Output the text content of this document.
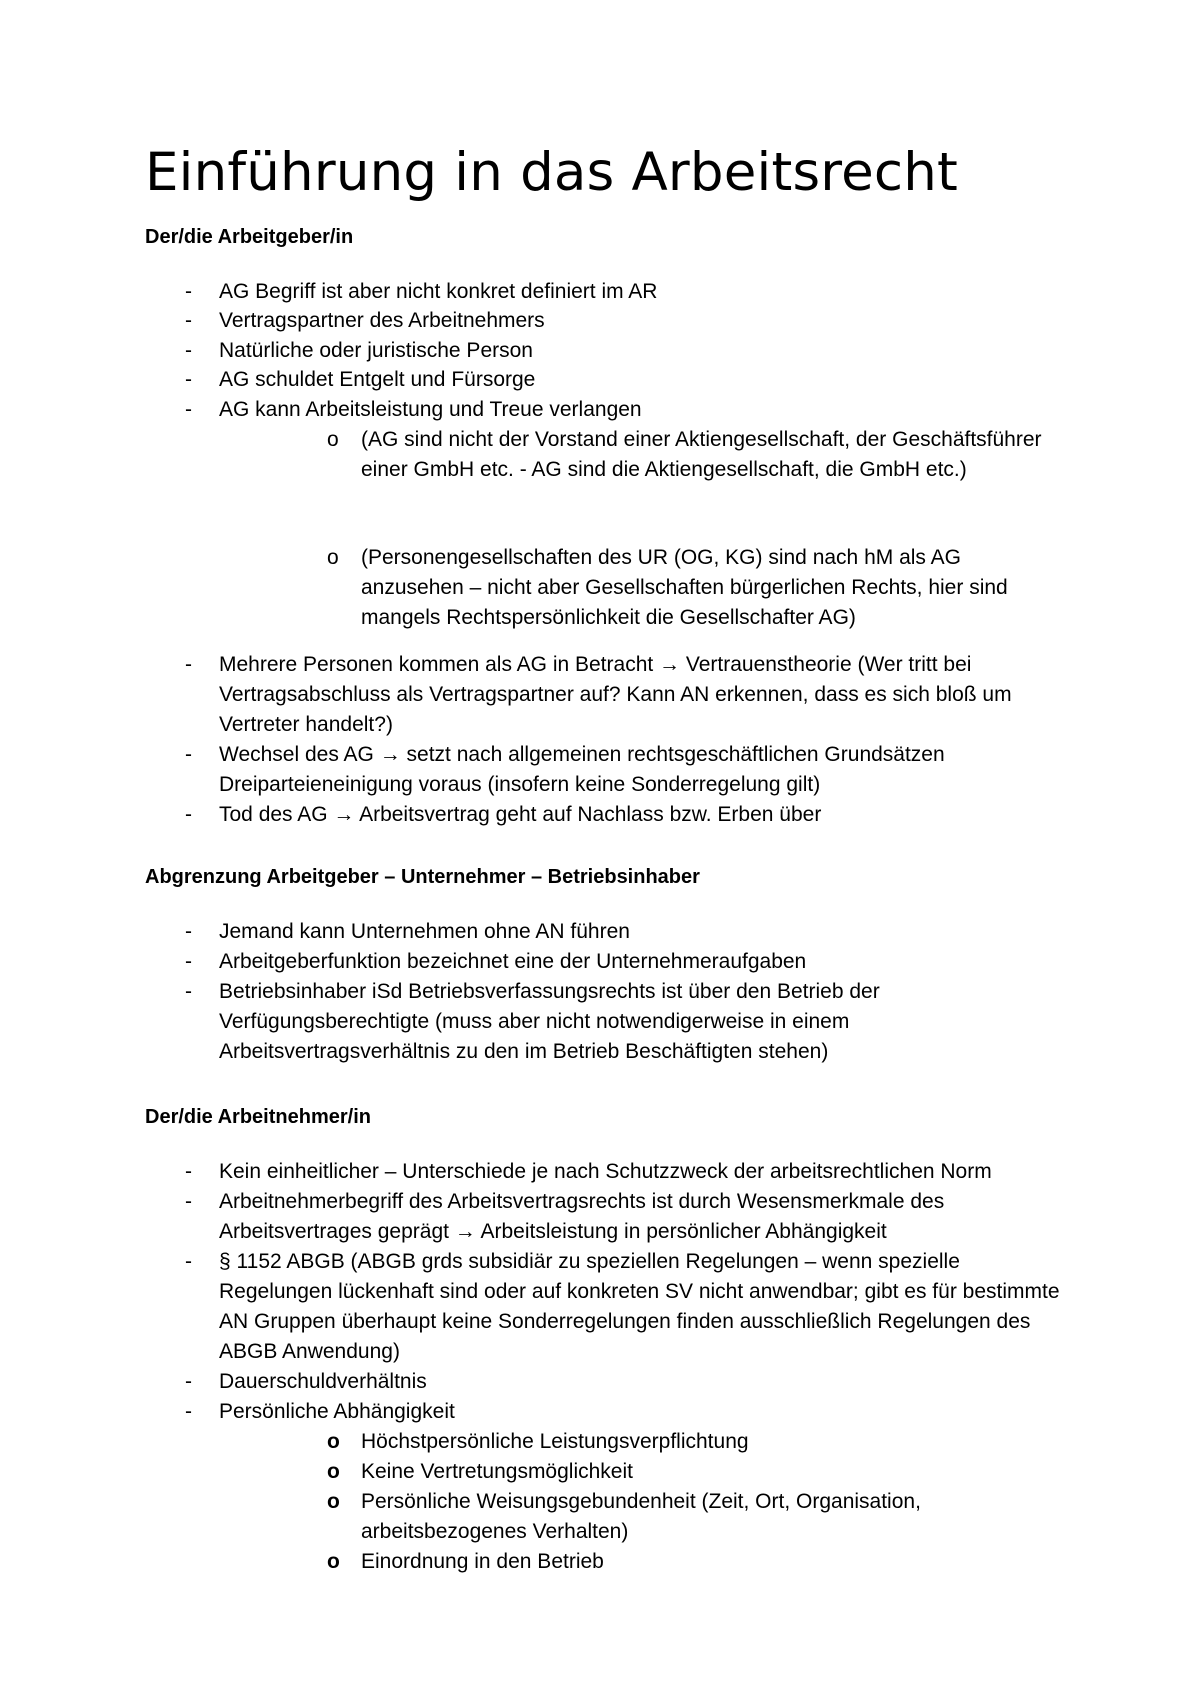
Einführung in das Arbeitsrecht

Der/die Arbeitgeber/in

-	AG Begriff ist aber nicht konkret definiert im AR

-	Vertragspartner des Arbeitnehmers

-	Natürliche oder juristische Person

-	AG schuldet Entgelt und Fürsorge

-	AG kann Arbeitsleistung und Treue verlangen

o	(AG sind nicht der Vorstand einer Aktiengesellschaft, der Geschäftsführer einer GmbH etc. - AG sind die Aktiengesellschaft, die GmbH etc.)

o	(Personengesellschaften des UR (OG, KG) sind nach hM als AG anzusehen – nicht aber Gesellschaften bürgerlichen Rechts, hier sind mangels Rechtspersönlichkeit die Gesellschafter AG)

-	Mehrere Personen kommen als AG in Betracht → Vertrauenstheorie (Wer tritt bei Vertragsabschluss als Vertragspartner auf? Kann AN erkennen, dass es sich bloß um Vertreter handelt?)

-	Wechsel des AG → setzt nach allgemeinen rechtsgeschäftlichen Grundsätzen Dreiparteieneinigung voraus (insofern keine Sonderregelung gilt)

-	Tod des AG → Arbeitsvertrag geht auf Nachlass bzw. Erben über

Abgrenzung Arbeitgeber – Unternehmer – Betriebsinhaber

-	Jemand kann Unternehmen ohne AN führen

-	Arbeitgeberfunktion bezeichnet eine der Unternehmeraufgaben

-	Betriebsinhaber iSd Betriebsverfassungsrechts ist über den Betrieb der Verfügungsberechtigte (muss aber nicht notwendigerweise in einem Arbeitsvertragsverhältnis zu den im Betrieb Beschäftigten stehen)

Der/die Arbeitnehmer/in

-	Kein einheitlicher – Unterschiede je nach Schutzzweck der arbeitsrechtlichen Norm

-	Arbeitnehmerbegriff des Arbeitsvertragsrechts ist durch Wesensmerkmale des Arbeitsvertrages geprägt → Arbeitsleistung in persönlicher Abhängigkeit

-	§ 1152 ABGB (ABGB grds subsidiär zu speziellen Regelungen – wenn spezielle Regelungen lückenhaft sind oder auf konkreten SV nicht anwendbar; gibt es für bestimmte AN Gruppen überhaupt keine Sonderregelungen finden ausschließlich Regelungen des ABGB Anwendung)

-	Dauerschuldverhältnis

-	Persönliche Abhängigkeit

o	Höchstpersönliche Leistungsverpflichtung

o	Keine Vertretungsmöglichkeit

o	Persönliche Weisungsgebundenheit (Zeit, Ort, Organisation, arbeitsbezogenes Verhalten)

o	Einordnung in den Betrieb
